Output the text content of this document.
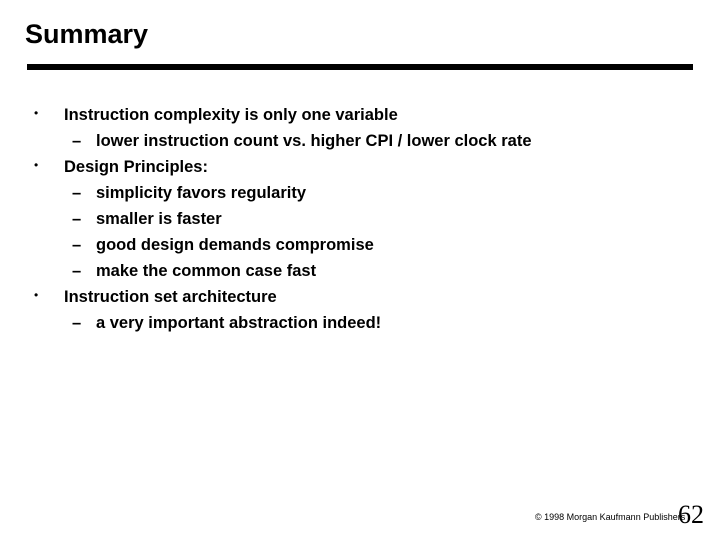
Summary
• Instruction complexity is only one variable
– lower instruction count vs. higher CPI / lower clock rate
• Design Principles:
– simplicity favors regularity
– smaller is faster
– good design demands compromise
– make the common case fast
• Instruction set architecture
– a very important abstraction indeed!
© 1998 Morgan Kaufmann Publishers
62
